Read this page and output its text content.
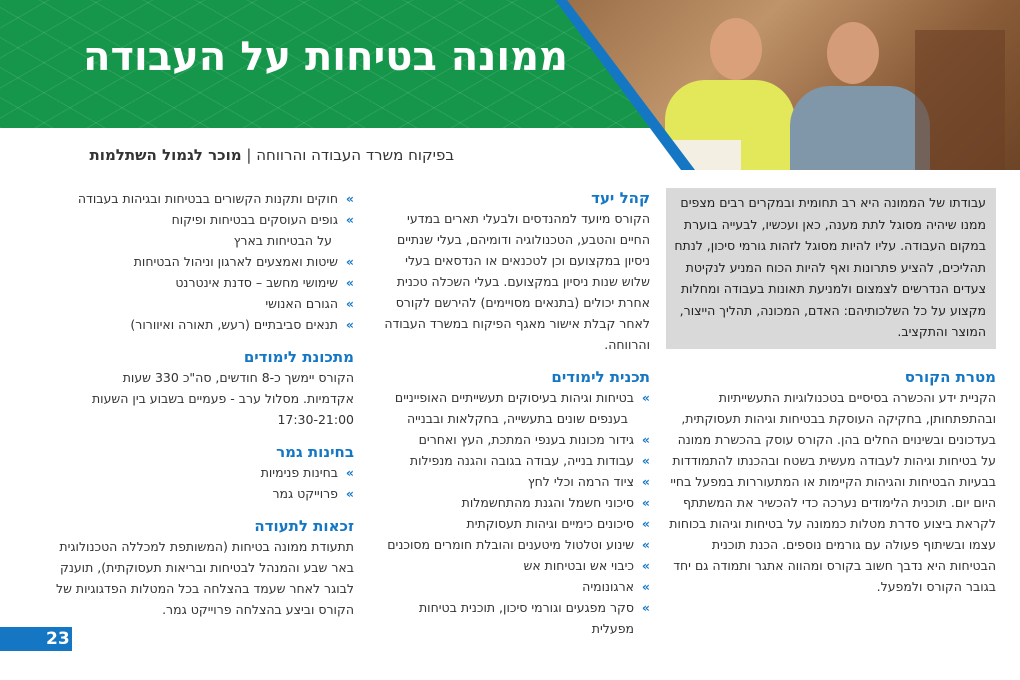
ממונה בטיחות על העבודה

בפיקוח משרד העבודה והרווחה | מוכר לגמול השתלמות

עבודתו של הממונה היא רב תחומית ובמקרים רבים מצפים ממנו שיהיה מסוגל לתת מענה, כאן ועכשיו, לבעייה בוערת במקום העבודה. עליו להיות מסוגל לזהות גורמי סיכון, לנתח תהליכים, להציע פתרונות ואף להיות הכוח המניע לנקיטת צעדים הנדרשים לצמצום ולמניעת תאונות בעבודה ומחלות מקצוע על כל השלכותיהם: האדם, המכונה, תהליך הייצור, המוצר והתקציב.

מטרת הקורס

הקניית ידע והכשרה בסיסיים בטכנולוגיות התעשייתיות ובהתפתחותן, בחקיקה העוסקת בבטיחות וגיהות תעסוקתית, בעדכונים ובשינוים החלים בהן. הקורס עוסק בהכשרת ממונה על בטיחות וגיהות לעבודה מעשית בשטח ובהכנתו להתמודדות בבעיות הבטיחות והגיהות הקיימות או המתעוררות במפעל בחיי היום יום. תוכנית הלימודים נערכה כדי להכשיר את המשתתף לקראת ביצוע סדרת מטלות כממונה על בטיחות וגיהות בכוחות עצמו ובשיתוף פעולה עם גורמים נוספים. הכנת תוכנית הבטיחות היא נדבך חשוב בקורס ומהווה אתגר ותמודה גם יחד בגובר הקורס ולמפעל.

קהל יעד

הקורס מיועד למהנדסים ולבעלי תארים במדעי החיים והטבע, הטכנולוגיה ודומיהם, בעלי שנתיים ניסיון במקצועם וכן לטכנאים או הנדסאים בעלי שלוש שנות ניסיון במקצועם. בעלי השכלה טכנית אחרת יכולים (בתנאים מסויימים) להירשם לקורס לאחר קבלת אישור מאגף הפיקוח במשרד העבודה והרווחה.

תכנית לימודים
» בטיחות וגיהות בעיסוקים תעשייתיים האופייניים
בענפים שונים בתעשייה, בחקלאות ובבנייה
» גידור מכונות בענפי המתכת, העץ ואחרים
» עבודות בנייה, עבודה בגובה והגנה מנפילות
» ציוד הרמה וכלי לחץ
» סיכוני חשמל והגנת מהתחשמלות
» סיכונים כימיים וגיהות תעסוקתית
» שינוע וטלטול מיטענים והובלת חומרים מסוכנים
» כיבוי אש ובטיחות אש
» ארגונומיה
» סקר מפגעים וגורמי סיכון, תוכנית בטיחות מפעלית
» חוקים ותקנות הקשורים בבטיחות ובגיהות בעבודה
» גופים העוסקים בבטיחות ופיקוח
על הבטיחות בארץ
» שיטות ואמצעים לארגון וניהול הבטיחות
» שימושי מחשב – סדנת אינטרנט
» הגורם האנושי
» תנאים סביבתיים (רעש, תאורה ואיוורור)
מתכונת לימודים

הקורס יימשך כ-8 חודשים, סה"כ 330 שעות

אקדמיות. מסלול ערב - פעמיים בשבוע בין השעות

17:30-21:00

בחינות גמר
» בחינות פנימיות
» פרוייקט גמר
זכאות לתעודה

תתעודת ממונה בטיחות (המשותפת למכללה הטכנולוגית באר שבע והמנהל לבטיחות ובריאות תעסוקתית), תוענק לבוגר לאחר שעמד בהצלחה בכל המטלות הפדגוגיות של הקורס וביצע בהצלחה פרוייקט גמר.

23
